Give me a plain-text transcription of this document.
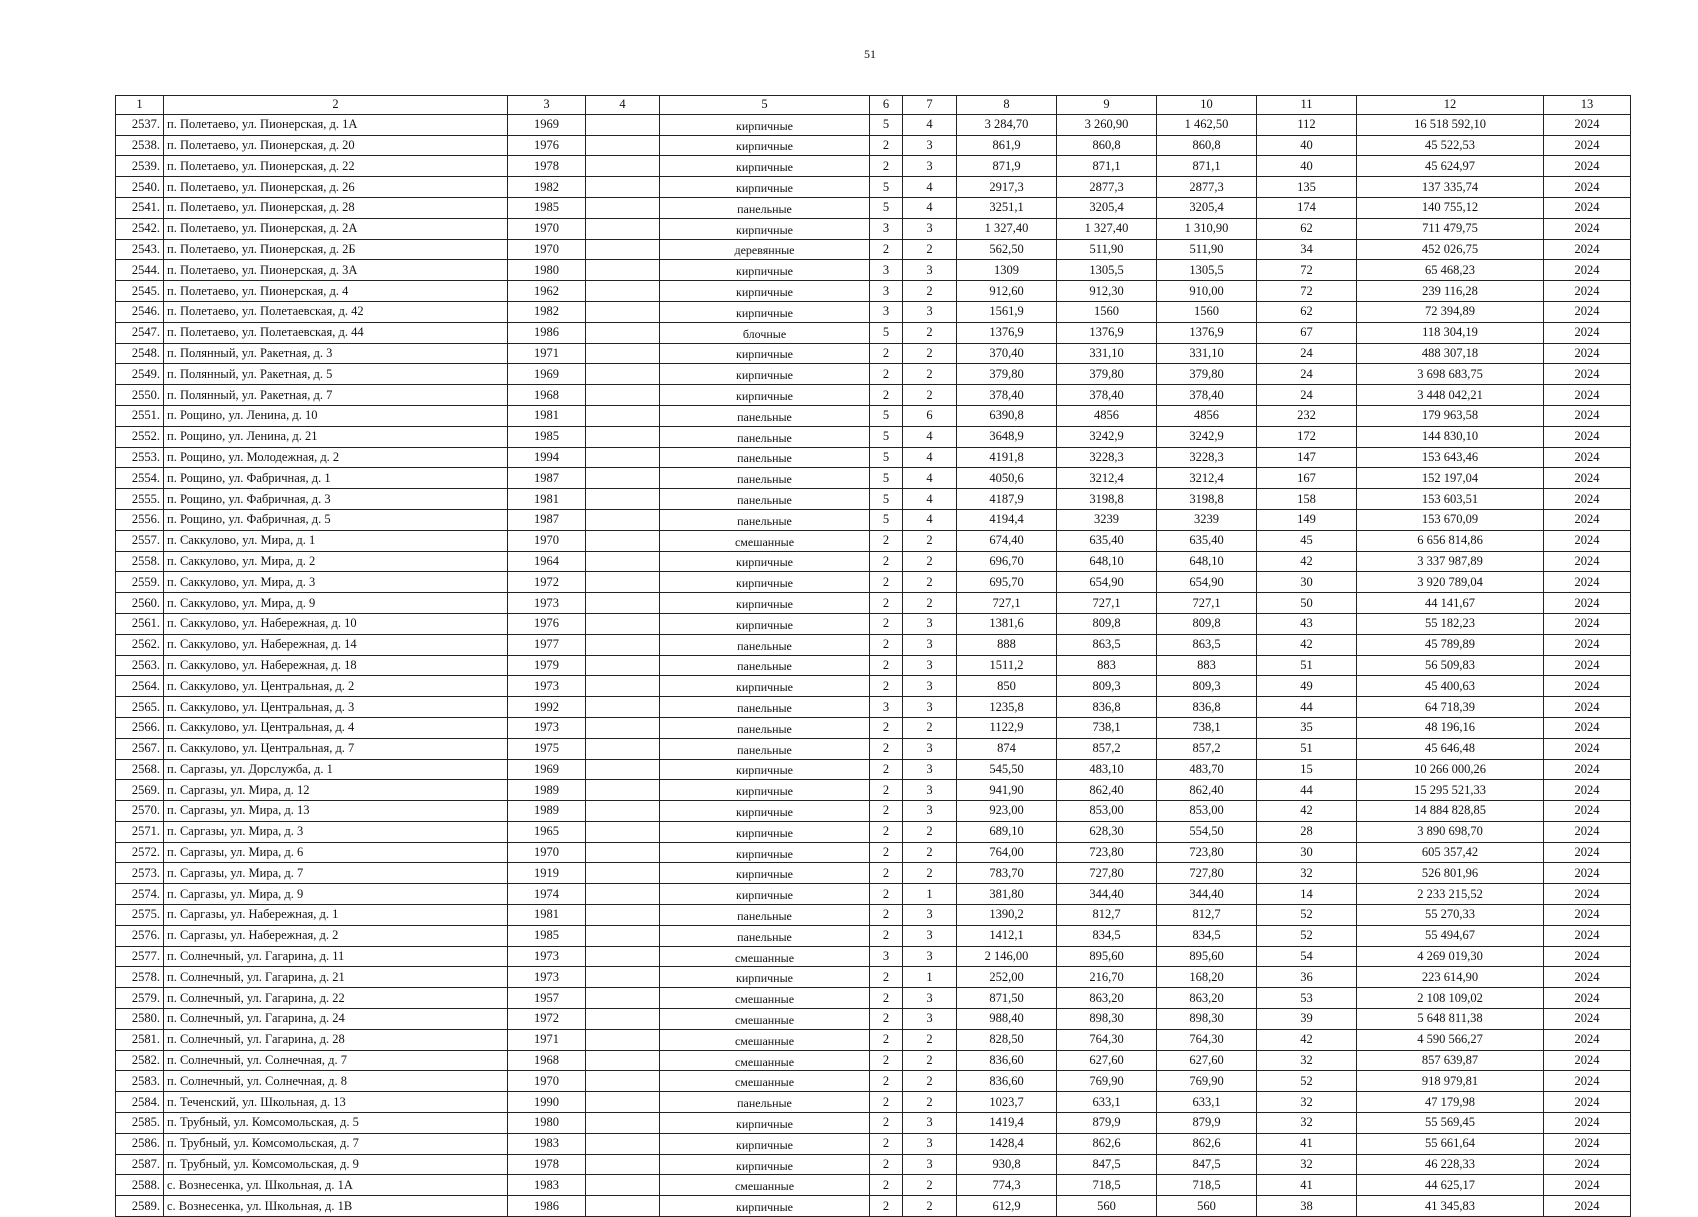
51
1	2	3	4	5	6	7	8	9	10	11	12	13
2537.	п. Полетаево, ул. Пионерская, д. 1А	1969		кирпичные	5	4	3 284,70	3 260,90	1 462,50	112	16 518 592,10	2024
2538.	п. Полетаево, ул. Пионерская, д. 20	1976		кирпичные	2	3	861,9	860,8	860,8	40	45 522,53	2024
2539.	п. Полетаево, ул. Пионерская, д. 22	1978		кирпичные	2	3	871,9	871,1	871,1	40	45 624,97	2024
2540.	п. Полетаево, ул. Пионерская, д. 26	1982		кирпичные	5	4	2917,3	2877,3	2877,3	135	137 335,74	2024
2541.	п. Полетаево, ул. Пионерская, д. 28	1985		панельные	5	4	3251,1	3205,4	3205,4	174	140 755,12	2024
2542.	п. Полетаево, ул. Пионерская, д. 2А	1970		кирпичные	3	3	1 327,40	1 327,40	1 310,90	62	711 479,75	2024
2543.	п. Полетаево, ул. Пионерская, д. 2Б	1970		деревянные	2	2	562,50	511,90	511,90	34	452 026,75	2024
2544.	п. Полетаево, ул. Пионерская, д. 3А	1980		кирпичные	3	3	1309	1305,5	1305,5	72	65 468,23	2024
2545.	п. Полетаево, ул. Пионерская, д. 4	1962		кирпичные	3	2	912,60	912,30	910,00	72	239 116,28	2024
2546.	п. Полетаево, ул. Полетаевская, д. 42	1982		кирпичные	3	3	1561,9	1560	1560	62	72 394,89	2024
2547.	п. Полетаево, ул. Полетаевская, д. 44	1986		блочные	5	2	1376,9	1376,9	1376,9	67	118 304,19	2024
2548.	п. Полянный, ул. Ракетная, д. 3	1971		кирпичные	2	2	370,40	331,10	331,10	24	488 307,18	2024
2549.	п. Полянный, ул. Ракетная, д. 5	1969		кирпичные	2	2	379,80	379,80	379,80	24	3 698 683,75	2024
2550.	п. Полянный, ул. Ракетная, д. 7	1968		кирпичные	2	2	378,40	378,40	378,40	24	3 448 042,21	2024
2551.	п. Рощино, ул. Ленина, д. 10	1981		панельные	5	6	6390,8	4856	4856	232	179 963,58	2024
2552.	п. Рощино, ул. Ленина, д. 21	1985		панельные	5	4	3648,9	3242,9	3242,9	172	144 830,10	2024
2553.	п. Рощино, ул. Молодежная, д. 2	1994		панельные	5	4	4191,8	3228,3	3228,3	147	153 643,46	2024
2554.	п. Рощино, ул. Фабричная, д. 1	1987		панельные	5	4	4050,6	3212,4	3212,4	167	152 197,04	2024
2555.	п. Рощино, ул. Фабричная, д. 3	1981		панельные	5	4	4187,9	3198,8	3198,8	158	153 603,51	2024
2556.	п. Рощино, ул. Фабричная, д. 5	1987		панельные	5	4	4194,4	3239	3239	149	153 670,09	2024
2557.	п. Саккулово, ул. Мира, д. 1	1970		смешанные	2	2	674,40	635,40	635,40	45	6 656 814,86	2024
2558.	п. Саккулово, ул. Мира, д. 2	1964		кирпичные	2	2	696,70	648,10	648,10	42	3 337 987,89	2024
2559.	п. Саккулово, ул. Мира, д. 3	1972		кирпичные	2	2	695,70	654,90	654,90	30	3 920 789,04	2024
2560.	п. Саккулово, ул. Мира, д. 9	1973		кирпичные	2	2	727,1	727,1	727,1	50	44 141,67	2024
2561.	п. Саккулово, ул. Набережная, д. 10	1976		кирпичные	2	3	1381,6	809,8	809,8	43	55 182,23	2024
2562.	п. Саккулово, ул. Набережная, д. 14	1977		панельные	2	3	888	863,5	863,5	42	45 789,89	2024
2563.	п. Саккулово, ул. Набережная, д. 18	1979		панельные	2	3	1511,2	883	883	51	56 509,83	2024
2564.	п. Саккулово, ул. Центральная, д. 2	1973		кирпичные	2	3	850	809,3	809,3	49	45 400,63	2024
2565.	п. Саккулово, ул. Центральная, д. 3	1992		панельные	3	3	1235,8	836,8	836,8	44	64 718,39	2024
2566.	п. Саккулово, ул. Центральная, д. 4	1973		панельные	2	2	1122,9	738,1	738,1	35	48 196,16	2024
2567.	п. Саккулово, ул. Центральная, д. 7	1975		панельные	2	3	874	857,2	857,2	51	45 646,48	2024
2568.	п. Саргазы, ул. Дорслужба, д. 1	1969		кирпичные	2	3	545,50	483,10	483,70	15	10 266 000,26	2024
2569.	п. Саргазы, ул. Мира, д. 12	1989		кирпичные	2	3	941,90	862,40	862,40	44	15 295 521,33	2024
2570.	п. Саргазы, ул. Мира, д. 13	1989		кирпичные	2	3	923,00	853,00	853,00	42	14 884 828,85	2024
2571.	п. Саргазы, ул. Мира, д. 3	1965		кирпичные	2	2	689,10	628,30	554,50	28	3 890 698,70	2024
2572.	п. Саргазы, ул. Мира, д. 6	1970		кирпичные	2	2	764,00	723,80	723,80	30	605 357,42	2024
2573.	п. Саргазы, ул. Мира, д. 7	1919		кирпичные	2	2	783,70	727,80	727,80	32	526 801,96	2024
2574.	п. Саргазы, ул. Мира, д. 9	1974		кирпичные	2	1	381,80	344,40	344,40	14	2 233 215,52	2024
2575.	п. Саргазы, ул. Набережная, д. 1	1981		панельные	2	3	1390,2	812,7	812,7	52	55 270,33	2024
2576.	п. Саргазы, ул. Набережная, д. 2	1985		панельные	2	3	1412,1	834,5	834,5	52	55 494,67	2024
2577.	п. Солнечный, ул. Гагарина, д. 11	1973		смешанные	3	3	2 146,00	895,60	895,60	54	4 269 019,30	2024
2578.	п. Солнечный, ул. Гагарина, д. 21	1973		кирпичные	2	1	252,00	216,70	168,20	36	223 614,90	2024
2579.	п. Солнечный, ул. Гагарина, д. 22	1957		смешанные	2	3	871,50	863,20	863,20	53	2 108 109,02	2024
2580.	п. Солнечный, ул. Гагарина, д. 24	1972		смешанные	2	3	988,40	898,30	898,30	39	5 648 811,38	2024
2581.	п. Солнечный, ул. Гагарина, д. 28	1971		смешанные	2	2	828,50	764,30	764,30	42	4 590 566,27	2024
2582.	п. Солнечный, ул. Солнечная, д. 7	1968		смешанные	2	2	836,60	627,60	627,60	32	857 639,87	2024
2583.	п. Солнечный, ул. Солнечная, д. 8	1970		смешанные	2	2	836,60	769,90	769,90	52	918 979,81	2024
2584.	п. Теченский, ул. Школьная, д. 13	1990		панельные	2	2	1023,7	633,1	633,1	32	47 179,98	2024
2585.	п. Трубный, ул. Комсомольская, д. 5	1980		кирпичные	2	3	1419,4	879,9	879,9	32	55 569,45	2024
2586.	п. Трубный, ул. Комсомольская, д. 7	1983		кирпичные	2	3	1428,4	862,6	862,6	41	55 661,64	2024
2587.	п. Трубный, ул. Комсомольская, д. 9	1978		кирпичные	2	3	930,8	847,5	847,5	32	46 228,33	2024
2588.	с. Вознесенка, ул. Школьная, д. 1А	1983		смешанные	2	2	774,3	718,5	718,5	41	44 625,17	2024
2589.	с. Вознесенка, ул. Школьная, д. 1В	1986		кирпичные	2	2	612,9	560	560	38	41 345,83	2024
